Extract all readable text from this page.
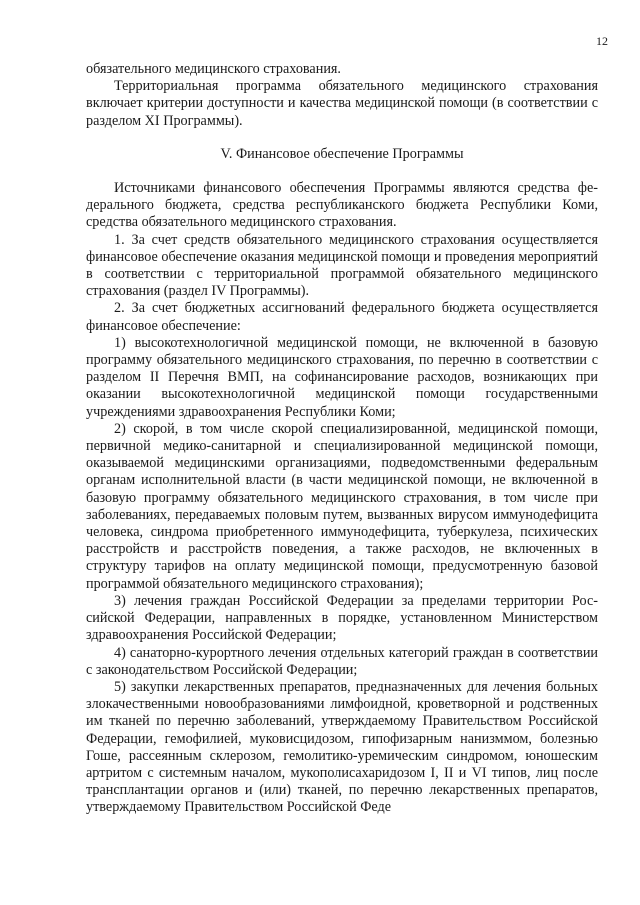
12

обязательного медицинского страхования.

Территориальная программа обязательного медицинского страхования включает критерии доступности и качества медицинской помощи (в соответствии с разделом XI Программы).

V. Финансовое обеспечение Программы

Источниками финансового обеспечения Программы являются средства федерального бюджета, средства республиканского бюджета Республики Коми, средства обязательного медицинского страхования.

1. За счет средств обязательного медицинского страхования осуществляется финансовое обеспечение оказания медицинской помощи и проведения мероприятий в соответствии с территориальной программой обязательного медицинского страхования (раздел IV Программы).

2. За счет бюджетных ассигнований федерального бюджета осуществляется финансовое обеспечение:

1) высокотехнологичной медицинской помощи, не включенной в базовую программу обязательного медицинского страхования, по перечню в соответствии с разделом II Перечня ВМП, на софинансирование расходов, возникающих при оказании высокотехнологичной медицинской помощи государственными учреждениями здравоохранения Республики Коми;

2) скорой, в том числе скорой специализированной, медицинской помощи, первичной медико-санитарной и специализированной медицинской помощи, оказываемой медицинскими организациями, подведомственными федеральным органам исполнительной власти (в части медицинской помощи, не включенной в базовую программу обязательного медицинского страхования, в том числе при заболеваниях, передаваемых половым путем, вызванных вирусом иммунодефицита человека, синдрома приобретенного иммунодефицита, туберкулеза, психических расстройств и расстройств поведения, а также расходов, не включенных в структуру тарифов на оплату медицинской помощи, предусмотренную базовой программой обязательного медицинского страхования);

3) лечения граждан Российской Федерации за пределами территории Российской Федерации, направленных в порядке, установленном Министерством здравоохранения Российской Федерации;

4) санаторно-курортного лечения отдельных категорий граждан в соответствии с законодательством Российской Федерации;

5) закупки лекарственных препаратов, предназначенных для лечения больных злокачественными новообразованиями лимфоидной, кроветворной и родственных им тканей по перечню заболеваний, утверждаемому Правительством Российской Федерации, гемофилией, муковисцидозом, гипофизарным нанизммом, болезнью Гоше, рассеянным склерозом, гемолитико-уремическим синдромом, юношеским артритом с системным началом, мукополисахаридозом I, II и VI типов, лиц после трансплантации органов и (или) тканей, по перечню лекарственных препаратов, утверждаемому Правительством Российской Феде
